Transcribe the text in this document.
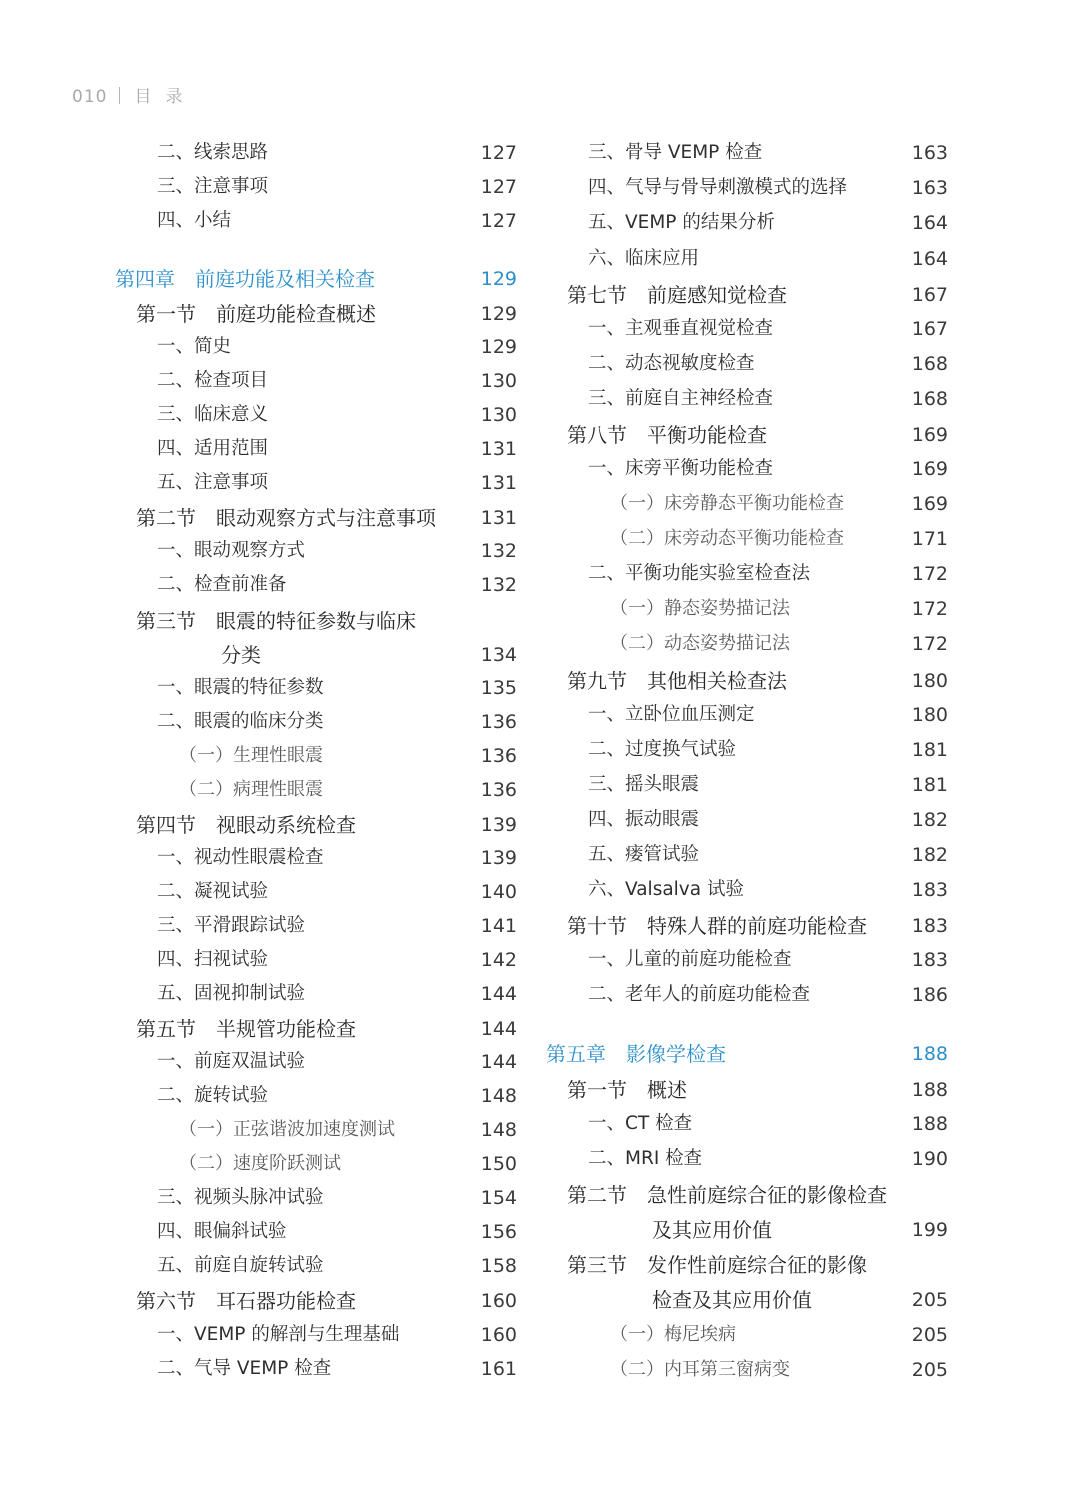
010 目录
二、线索思路	127
三、注意事项	127
四、小结	127
第四章　前庭功能及相关检查	129
第一节　前庭功能检查概述	129
一、简史	129
二、检查项目	130
三、临床意义	130
四、适用范围	131
五、注意事项	131
第二节　眼动观察方式与注意事项	131
一、眼动观察方式	132
二、检查前准备	132
第三节　眼震的特征参数与临床
分类	134
一、眼震的特征参数	135
二、眼震的临床分类	136
（一）生理性眼震	136
（二）病理性眼震	136
第四节　视眼动系统检查	139
一、视动性眼震检查	139
二、凝视试验	140
三、平滑跟踪试验	141
四、扫视试验	142
五、固视抑制试验	144
第五节　半规管功能检查	144
一、前庭双温试验	144
二、旋转试验	148
（一）正弦谐波加速度测试	148
（二）速度阶跃测试	150
三、视频头脉冲试验	154
四、眼偏斜试验	156
五、前庭自旋转试验	158
第六节　耳石器功能检查	160
一、VEMP 的解剖与生理基础	160
二、气导 VEMP 检查	161
三、骨导 VEMP 检查	163
四、气导与骨导刺激模式的选择	163
五、VEMP 的结果分析	164
六、临床应用	164
第七节　前庭感知觉检查	167
一、主观垂直视觉检查	167
二、动态视敏度检查	168
三、前庭自主神经检查	168
第八节　平衡功能检查	169
一、床旁平衡功能检查	169
（一）床旁静态平衡功能检查	169
（二）床旁动态平衡功能检查	171
二、平衡功能实验室检查法	172
（一）静态姿势描记法	172
（二）动态姿势描记法	172
第九节　其他相关检查法	180
一、立卧位血压测定	180
二、过度换气试验	181
三、摇头眼震	181
四、振动眼震	182
五、瘘管试验	182
六、Valsalva 试验	183
第十节　特殊人群的前庭功能检查	183
一、儿童的前庭功能检查	183
二、老年人的前庭功能检查	186
第五章　影像学检查	188
第一节　概述	188
一、CT 检查	188
二、MRI 检查	190
第二节　急性前庭综合征的影像检查
及其应用价值	199
第三节　发作性前庭综合征的影像
检查及其应用价值	205
（一）梅尼埃病	205
（二）内耳第三窗病变	205
